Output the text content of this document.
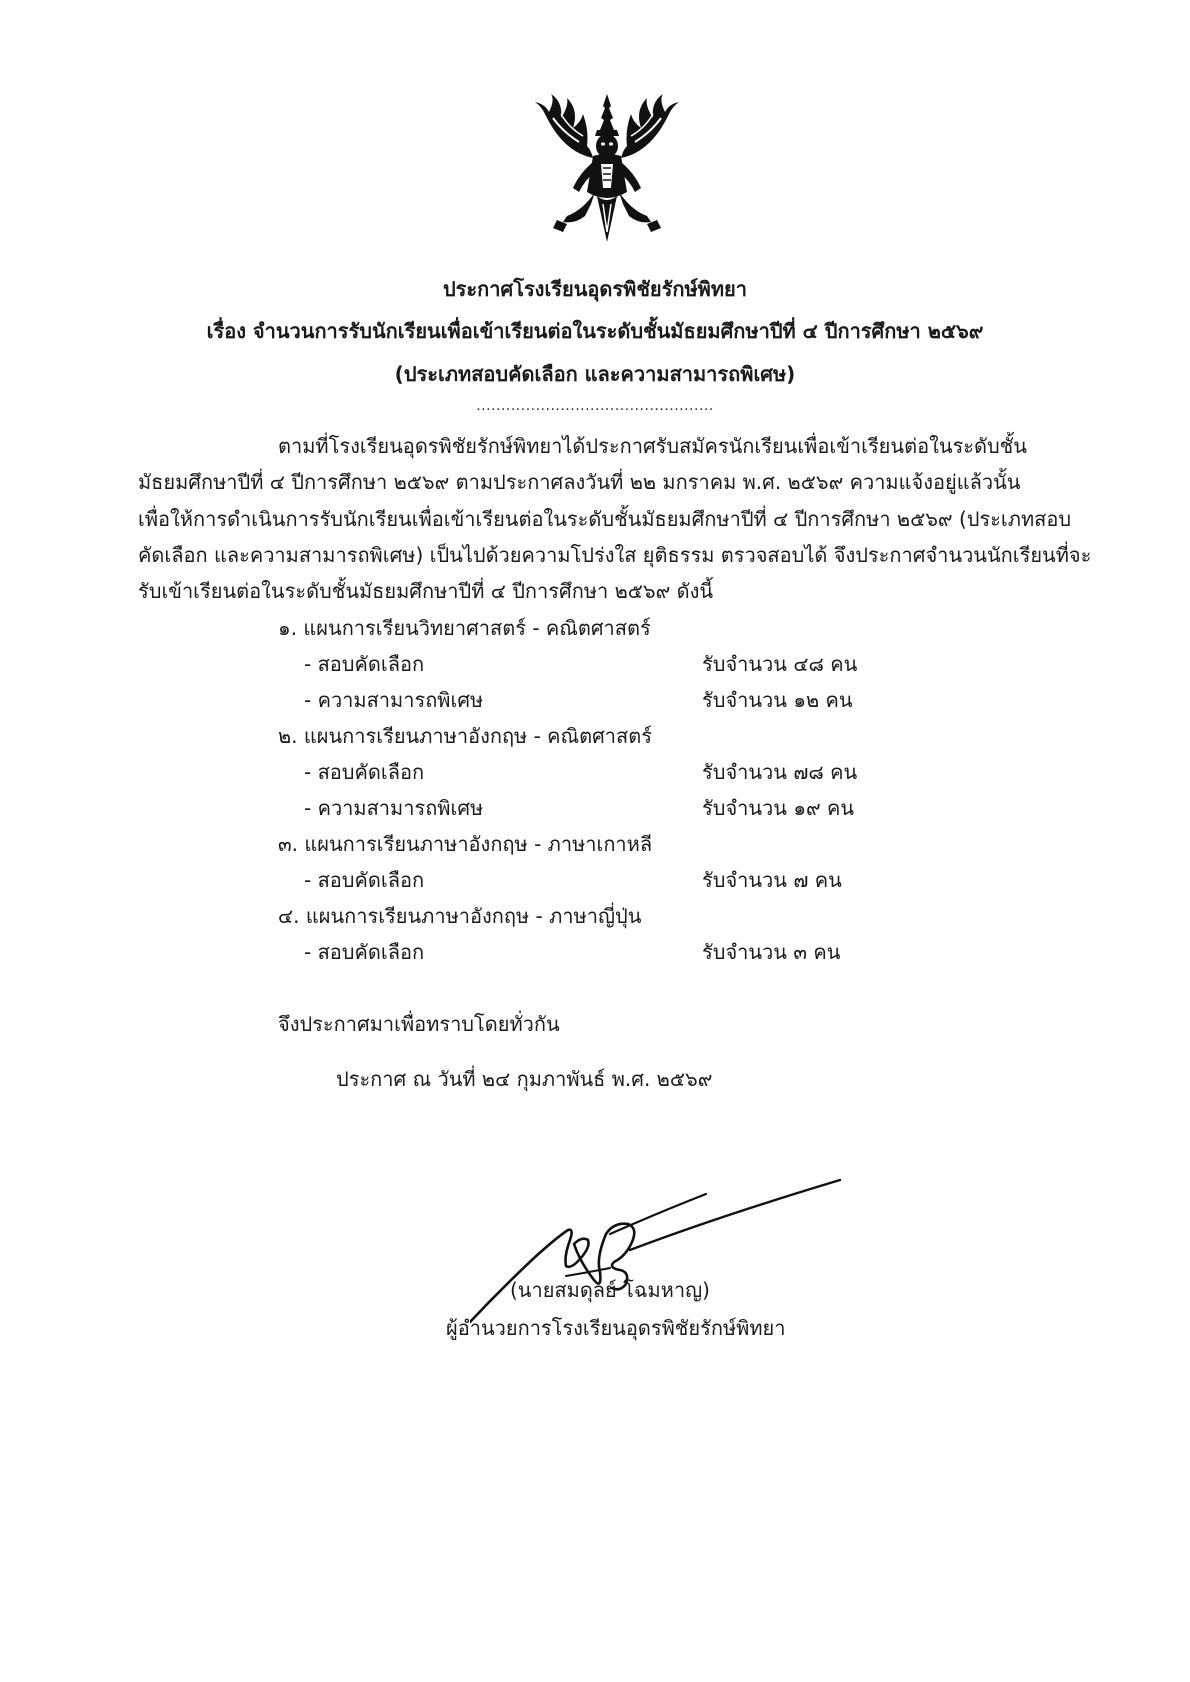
ประกาศโรงเรียนอุดรพิชัยรักษ์พิทยา
เรื่อง จำนวนการรับนักเรียนเพื่อเข้าเรียนต่อในระดับชั้นมัธยมศึกษาปีที่ ๔ ปีการศึกษา ๒๕๖๙
(ประเภทสอบคัดเลือก และความสามารถพิเศษ)
................................................
ตามที่โรงเรียนอุดรพิชัยรักษ์พิทยาได้ประกาศรับสมัครนักเรียนเพื่อเข้าเรียนต่อในระดับชั้น
มัธยมศึกษาปีที่ ๔ ปีการศึกษา ๒๕๖๙ ตามประกาศลงวันที่ ๒๒ มกราคม พ.ศ. ๒๕๖๙ ความแจ้งอยู่แล้วนั้น
เพื่อให้การดำเนินการรับนักเรียนเพื่อเข้าเรียนต่อในระดับชั้นมัธยมศึกษาปีที่ ๔ ปีการศึกษา ๒๕๖๙ (ประเภทสอบ
คัดเลือก และความสามารถพิเศษ) เป็นไปด้วยความโปร่งใส ยุติธรรม ตรวจสอบได้ จึงประกาศจำนวนนักเรียนที่จะ
รับเข้าเรียนต่อในระดับชั้นมัธยมศึกษาปีที่ ๔ ปีการศึกษา ๒๕๖๙ ดังนี้
๑. แผนการเรียนวิทยาศาสตร์ - คณิตศาสตร์
- สอบคัดเลือก	รับจำนวน ๔๘ คน
- ความสามารถพิเศษ	รับจำนวน ๑๒ คน
๒. แผนการเรียนภาษาอังกฤษ - คณิตศาสตร์
- สอบคัดเลือก	รับจำนวน ๗๘ คน
- ความสามารถพิเศษ	รับจำนวน ๑๙ คน
๓. แผนการเรียนภาษาอังกฤษ - ภาษาเกาหลี
- สอบคัดเลือก	รับจำนวน ๗ คน
๔. แผนการเรียนภาษาอังกฤษ - ภาษาญี่ปุ่น
- สอบคัดเลือก	รับจำนวน ๓ คน
จึงประกาศมาเพื่อทราบโดยทั่วกัน
ประกาศ ณ วันที่ ๒๔ กุมภาพันธ์ พ.ศ. ๒๕๖๙
(นายสมดุลย์ โฉมหาญ)
ผู้อำนวยการโรงเรียนอุดรพิชัยรักษ์พิทยา
